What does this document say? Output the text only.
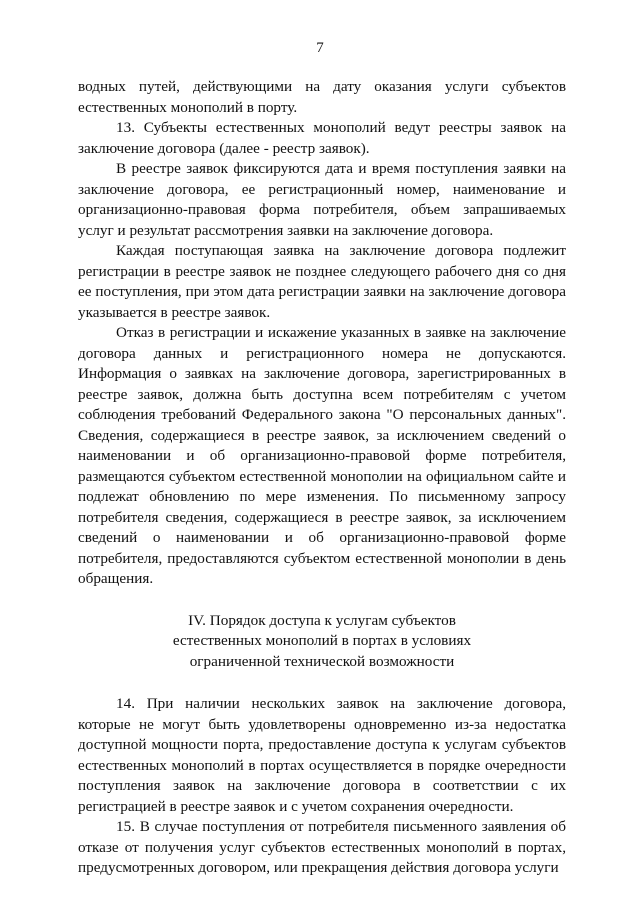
7

водных путей, действующими на дату оказания услуги субъектов естественных монополий в порту.

13. Субъекты естественных монополий ведут реестры заявок на заключение договора (далее - реестр заявок).

В реестре заявок фиксируются дата и время поступления заявки на заключение договора, ее регистрационный номер, наименование и организационно-правовая форма потребителя, объем запрашиваемых услуг и результат рассмотрения заявки на заключение договора.

Каждая поступающая заявка на заключение договора подлежит регистрации в реестре заявок не позднее следующего рабочего дня со дня ее поступления, при этом дата регистрации заявки на заключение договора указывается в реестре заявок.

Отказ в регистрации и искажение указанных в заявке на заключение договора данных и регистрационного номера не допускаются. Информация о заявках на заключение договора, зарегистрированных в реестре заявок, должна быть доступна всем потребителям с учетом соблюдения требований Федерального закона "О персональных данных". Сведения, содержащиеся в реестре заявок, за исключением сведений о наименовании и об организационно-правовой форме потребителя, размещаются субъектом естественной монополии на официальном сайте и подлежат обновлению по мере изменения. По письменному запросу потребителя сведения, содержащиеся в реестре заявок, за исключением сведений о наименовании и об организационно-правовой форме потребителя, предоставляются субъектом естественной монополии в день обращения.

IV. Порядок доступа к услугам субъектов
естественных монополий в портах в условиях
ограниченной технической возможности

14. При наличии нескольких заявок на заключение договора, которые не могут быть удовлетворены одновременно из-за недостатка доступной мощности порта, предоставление доступа к услугам субъектов естественных монополий в портах осуществляется в порядке очередности поступления заявок на заключение договора в соответствии с их регистрацией в реестре заявок и с учетом сохранения очередности.

15. В случае поступления от потребителя письменного заявления об отказе от получения услуг субъектов естественных монополий в портах, предусмотренных договором, или прекращения действия договора услуги
